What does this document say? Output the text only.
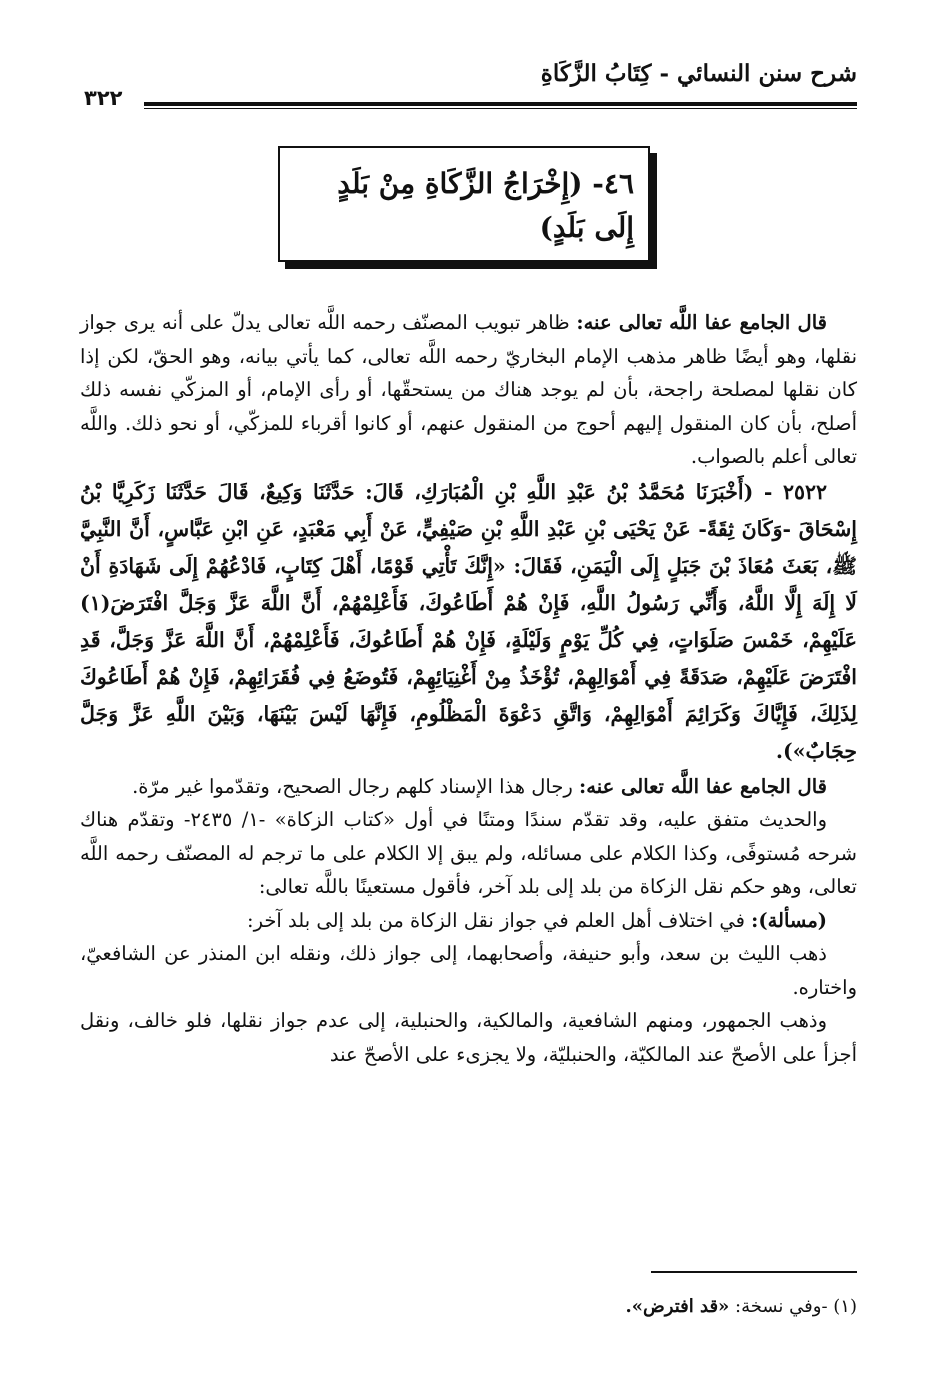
شرح سنن النسائي - كِتَابُ الزَّكَاةِ
٣٢٢

٤٦- (إِخْرَاجُ الزَّكَاةِ مِنْ بَلَدٍ إِلَى بَلَدٍ)

قال الجامع عفا اللَّه تعالى عنه: ظاهر تبويب المصنّف رحمه اللَّه تعالى يدلّ على أنه يرى جواز نقلها، وهو أيضًا ظاهر مذهب الإمام البخاريّ رحمه اللَّه تعالى، كما يأتي بيانه، وهو الحقّ، لكن إذا كان نقلها لمصلحة راجحة، بأن لم يوجد هناك من يستحقّها، أو رأى الإمام، أو المزكّي نفسه ذلك أصلح، بأن كان المنقول إليهم أحوج من المنقول عنهم، أو كانوا أقرباء للمزكّي، أو نحو ذلك. واللَّه تعالى أعلم بالصواب.

٢٥٢٢ - (أَخْبَرَنَا مُحَمَّدُ بْنُ عَبْدِ اللَّهِ بْنِ الْمُبَارَكِ، قَالَ: حَدَّثَنَا وَكِيعٌ، قَالَ حَدَّثَنَا زَكَرِيَّا بْنُ إِسْحَاقَ -وَكَانَ ثِقَةً- عَنْ يَحْيَى بْنِ عَبْدِ اللَّهِ بْنِ صَيْفِيٍّ، عَنْ أَبِي مَعْبَدٍ، عَنِ ابْنِ عَبَّاسٍ، أَنَّ النَّبِيَّ ﷺ، بَعَثَ مُعَاذَ بْنَ جَبَلٍ إِلَى الْيَمَنِ، فَقَالَ: «إِنَّكَ تَأْتِي قَوْمًا، أَهْلَ كِتَابٍ، فَادْعُهُمْ إِلَى شَهَادَةِ أَنْ لَا إِلَهَ إِلَّا اللَّهُ، وَأَنِّي رَسُولُ اللَّهِ، فَإِنْ هُمْ أَطَاعُوكَ، فَأَعْلِمْهُمْ، أَنَّ اللَّهَ عَزَّ وَجَلَّ افْتَرَضَ(١) عَلَيْهِمْ، خَمْسَ صَلَوَاتٍ، فِي كُلِّ يَوْمٍ وَلَيْلَةٍ، فَإِنْ هُمْ أَطَاعُوكَ، فَأَعْلِمْهُمْ، أَنَّ اللَّهَ عَزَّ وَجَلَّ، قَدِ افْتَرَضَ عَلَيْهِمْ، صَدَقَةً فِي أَمْوَالِهِمْ، تُؤْخَذُ مِنْ أَغْنِيَائِهِمْ، فَتُوضَعُ فِي فُقَرَائِهِمْ، فَإِنْ هُمْ أَطَاعُوكَ لِذَلِكَ، فَإِيَّاكَ وَكَرَائِمَ أَمْوَالِهِمْ، وَاتَّقِ دَعْوَةَ الْمَظْلُومِ، فَإِنَّهَا لَيْسَ بَيْنَهَا، وَبَيْنَ اللَّهِ عَزَّ وَجَلَّ حِجَابٌ»).

قال الجامع عفا اللَّه تعالى عنه: رجال هذا الإسناد كلهم رجال الصحيح، وتقدّموا غير مرّة.

والحديث متفق عليه، وقد تقدّم سندًا ومتنًا في أول «كتاب الزكاة» -١/ ٢٤٣٥- وتقدّم هناك شرحه مُستوفًى، وكذا الكلام على مسائله، ولم يبق إلا الكلام على ما ترجم له المصنّف رحمه اللَّه تعالى، وهو حكم نقل الزكاة من بلد إلى بلد آخر، فأقول مستعينًا باللَّه تعالى:

(مسألة): في اختلاف أهل العلم في جواز نقل الزكاة من بلد إلى بلد آخر:

ذهب الليث بن سعد، وأبو حنيفة، وأصحابهما، إلى جواز ذلك، ونقله ابن المنذر عن الشافعيّ، واختاره.

وذهب الجمهور، ومنهم الشافعية، والمالكية، والحنبلية، إلى عدم جواز نقلها، فلو خالف، ونقل أجزأ على الأصحّ عند المالكيّة، والحنبليّة، ولا يجزىء على الأصحّ عند

(١) -وفي نسخة: «قد افترض».
